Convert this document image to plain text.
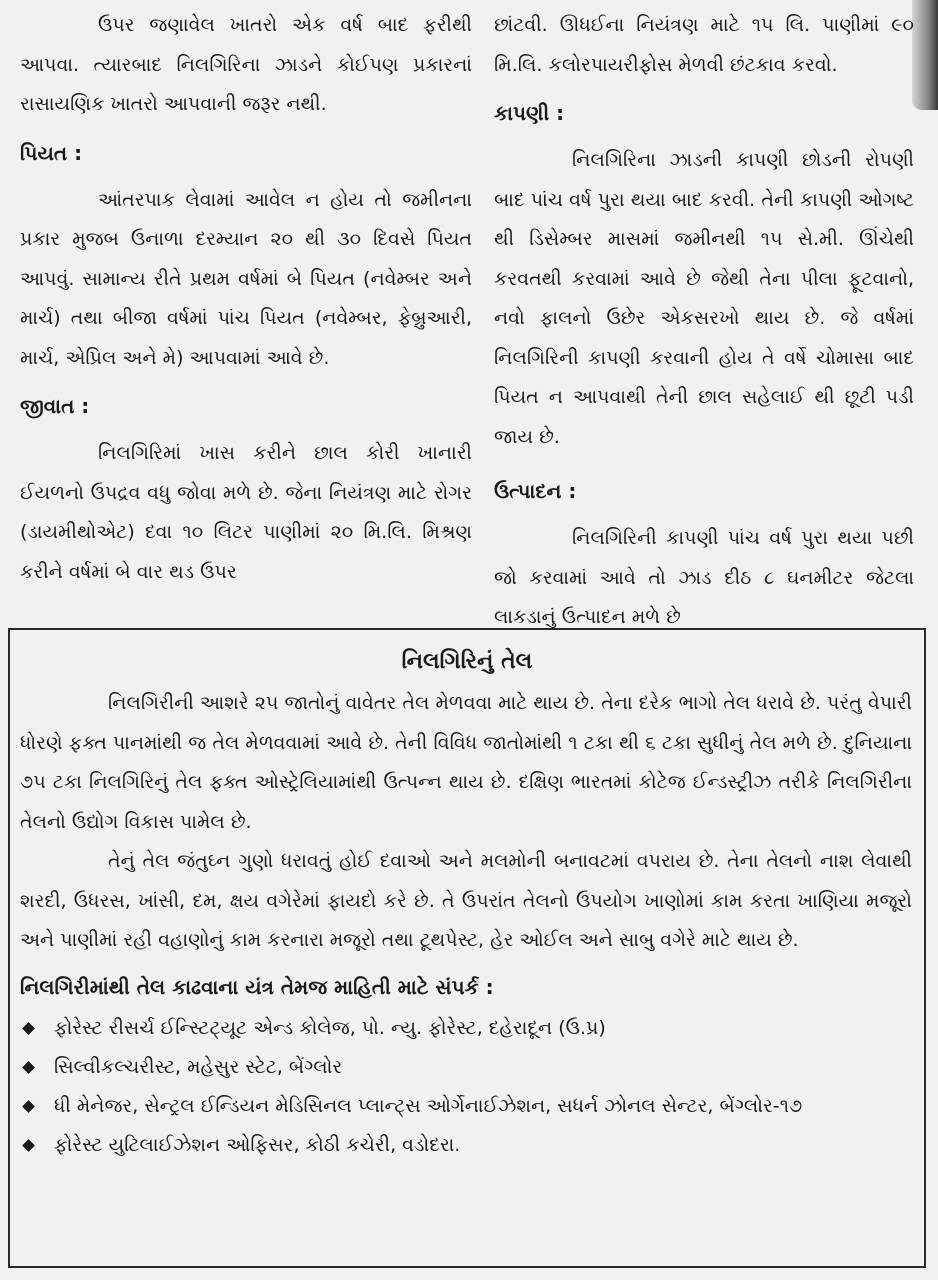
ઉપર જણાવેલ ખાતરો એક વર્ષ બાદ ફરીથી આપવા. ત્યારબાદ નિલગિરિના ઝાડને કોઈપણ પ્રકારનાં રાસાયણિક ખાતરો આપવાની જરૂર નથી.

પિયત :

આંતરપાક લેવામાં આવેલ ન હોય તો જમીનના પ્રકાર મુજબ ઉનાળા દરમ્યાન ૨૦ થી ૩૦ દિવસે પિયત આપવું. સામાન્ય રીતે પ્રથમ વર્ષમાં બે પિયત (નવેમ્બર અને માર્ચ) તથા બીજા વર્ષમાં પાંચ પિયત (નવેમ્બર, ફેબ્રુઆરી, માર્ચ, એપ્રિલ અને મે) આપવામાં આવે છે.

જીવાત :

નિલગિરિમાં ખાસ કરીને છાલ કોરી ખાનારી ઈયળનો ઉપદ્રવ વધુ જોવા મળે છે. જેના નિયંત્રણ માટે રોગર (ડાયમીથોએટ) દવા ૧૦ લિટર પાણીમાં ૨૦ મિ.લિ. મિશ્રણ કરીને વર્ષમાં બે વાર થડ ઉપર

છાંટવી. ઊધઈના નિયંત્રણ માટે ૧૫ લિ. પાણીમાં ૯૦ મિ.લિ. કલોરપાયરીફોસ મેળવી છંટકાવ કરવો.

કાપણી :

નિલગિરિના ઝાડની કાપણી છોડની રોપણી બાદ પાંચ વર્ષ પુરા થયા બાદ કરવી. તેની કાપણી ઓગષ્ટ થી ડિસેમ્બર માસમાં જમીનથી ૧૫ સે.મી. ઊંચેથી કરવતથી કરવામાં આવે છે જેથી તેના પીલા ફૂટવાનો, નવો ફાલનો ઉછેર એકસરખો થાય છે. જે વર્ષમાં નિલગિરિની કાપણી કરવાની હોય તે વર્ષે ચોમાસા બાદ પિયત ન આપવાથી તેની છાલ સહેલાઈ થી છૂટી પડી જાય છે.

ઉત્પાદન :

નિલગિરિની કાપણી પાંચ વર્ષ પુરા થયા પછી જો કરવામાં આવે તો ઝાડ દીઠ ૮ ઘનમીટર જેટલા લાકડાનું ઉત્પાદન મળે છે

નિલગિરિનું તેલ

નિલગિરીની આશરે ૨૫ જાતોનું વાવેતર તેલ મેળવવા માટે થાય છે. તેના દરેક ભાગો તેલ ધરાવે છે. પરંતુ વેપારી ધોરણે ફક્ત પાનમાંથી જ તેલ મેળવવામાં આવે છે. તેની વિવિધ જાતોમાંથી ૧ ટકા થી ૬ ટકા સુધીનું તેલ મળે છે. દુનિયાના ૭૫ ટકા નિલગિરિનું તેલ ફક્ત ઓસ્ટ્રેલિયામાંથી ઉત્પન્ન થાય છે. દક્ષિણ ભારતમાં કોટેજ ઈન્ડસ્ટ્રીઝ તરીકે નિલગિરીના તેલનો ઉદ્યોગ વિકાસ પામેલ છે.

તેનું તેલ જંતુઘ્ન ગુણો ધરાવતું હોઈ દવાઓ અને મલમોની બનાવટમાં વપરાય છે. તેના તેલનો નાશ લેવાથી શરદી, ઉધરસ, ખાંસી, દમ, ક્ષય વગેરેમાં ફાયદો કરે છે. તે ઉપરાંત તેલનો ઉપયોગ ખાણોમાં કામ કરતા ખાણિયા મજૂરો અને પાણીમાં રહી વહાણોનું કામ કરનારા મજૂરો તથા ટૂથપેસ્ટ, હેર ઓઈલ અને સાબુ વગેરે માટે થાય છે.

નિલગિરીમાંથી તેલ કાઢવાના યંત્ર તેમજ માહિતી માટે સંપર્ક :
ફોરેસ્ટ રીસર્ચ ઈન્સ્ટિટ્યૂટ એન્ડ કોલેજ, પો. ન્યુ. ફોરેસ્ટ, દહેરાદૂન (ઉ.પ્ર)
સિલ્વીકલ્ચરીસ્ટ, મહેસુર સ્ટેટ, બેંગ્લોર
ધી મેનેજર, સેન્ટ્રલ ઈન્ડિયન મેડિસિનલ પ્લાન્ટ્સ ઓર્ગેનાઈઝેશન, સધર્ન ઝોનલ સેન્ટર, બેંગ્લોર-૧૭
ફોરેસ્ટ યુટિલાઈઝેશન ઓફિસર, કોઠી કચેરી, વડોદરા.
